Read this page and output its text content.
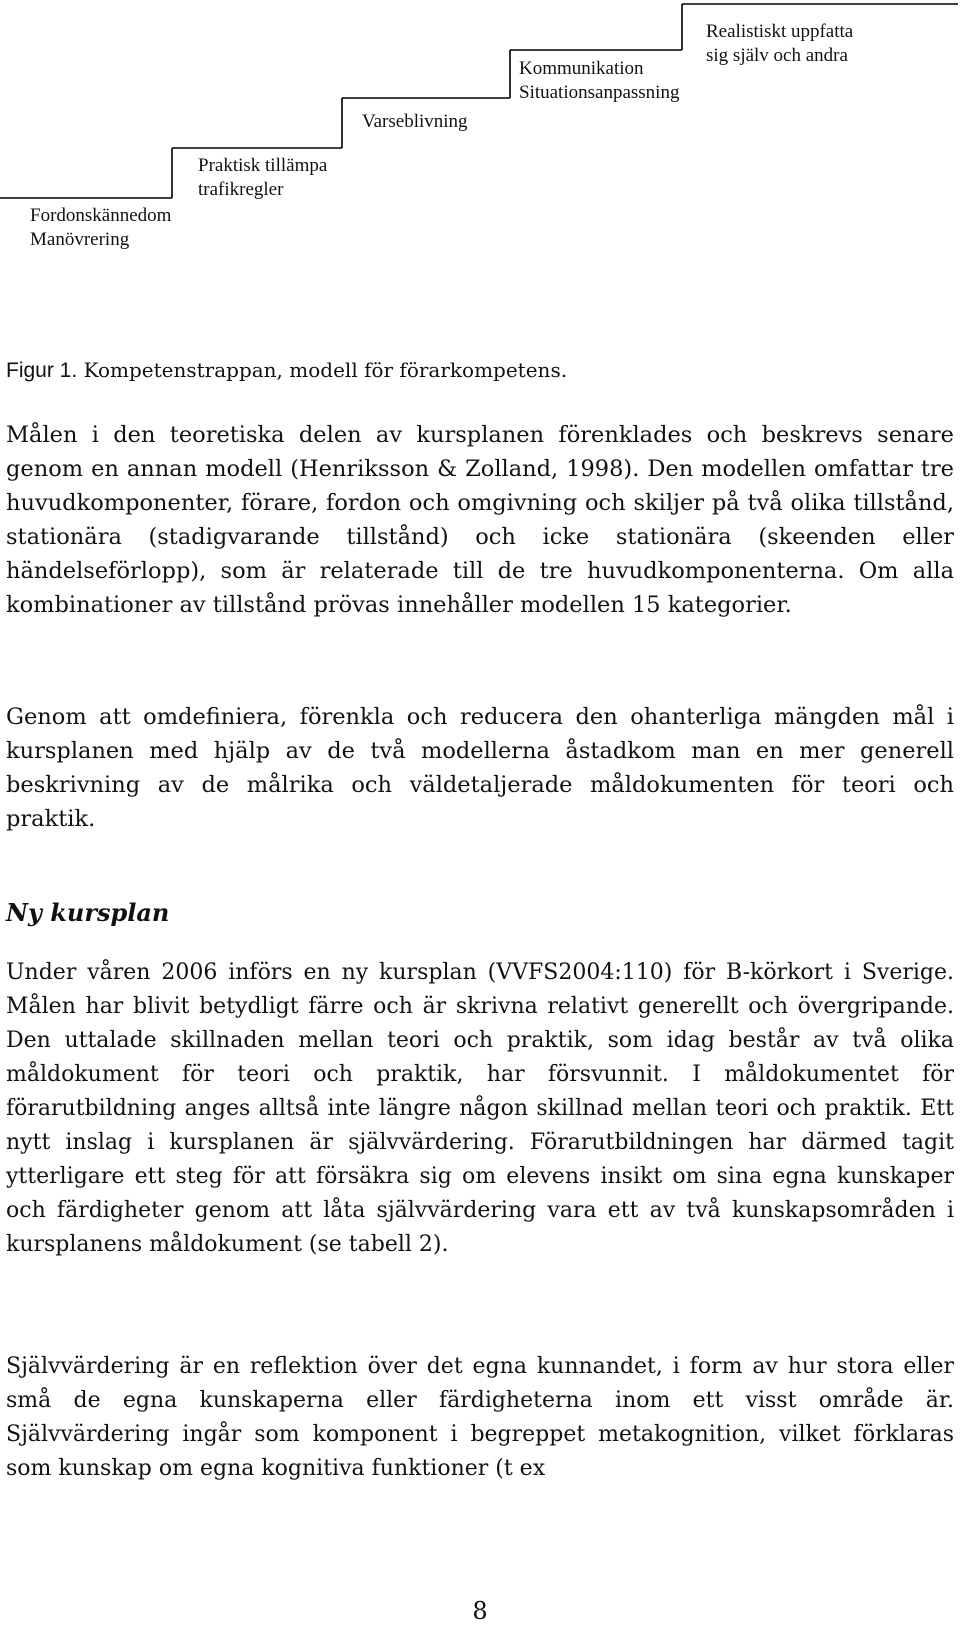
Fordonskännedom
Manövrering
Praktisk tillämpa
trafikregler
Varseblivning
Kommunikation
Situationsanpassning
Realistiskt uppfatta
sig själv och andra
Figur 1. Kompetenstrappan, modell för förarkompetens.

Målen i den teoretiska delen av kursplanen förenklades och beskrevs senare genom en annan modell (Henriksson & Zolland, 1998). Den modellen omfattar tre huvudkomponenter, förare, fordon och omgivning och skiljer på två olika tillstånd, stationära (stadigvarande tillstånd) och icke stationära (skeenden eller händelseförlopp), som är relaterade till de tre huvudkomponenterna. Om alla kombinationer av tillstånd prövas innehåller modellen 15 kategorier.

Genom att omdefiniera, förenkla och reducera den ohanterliga mängden mål i kursplanen med hjälp av de två modellerna åstadkom man en mer generell beskrivning av de målrika och väldetaljerade måldokumenten för teori och praktik.

Ny kursplan

Under våren 2006 införs en ny kursplan (VVFS2004:110) för B-körkort i Sverige. Målen har blivit betydligt färre och är skrivna relativt generellt och övergripande. Den uttalade skillnaden mellan teori och praktik, som idag består av två olika måldokument för teori och praktik, har försvunnit. I måldokumentet för förarutbildning anges alltså inte längre någon skillnad mellan teori och praktik. Ett nytt inslag i kursplanen är självvärdering. Förarutbildningen har därmed tagit ytterligare ett steg för att försäkra sig om elevens insikt om sina egna kunskaper och färdigheter genom att låta självvärdering vara ett av två kunskapsområden i kursplanens måldokument (se tabell 2).

Självvärdering är en reflektion över det egna kunnandet, i form av hur stora eller små de egna kunskaperna eller färdigheterna inom ett visst område är. Självvärdering ingår som komponent i begreppet metakognition, vilket förklaras som kunskap om egna kognitiva funktioner (t ex

8
